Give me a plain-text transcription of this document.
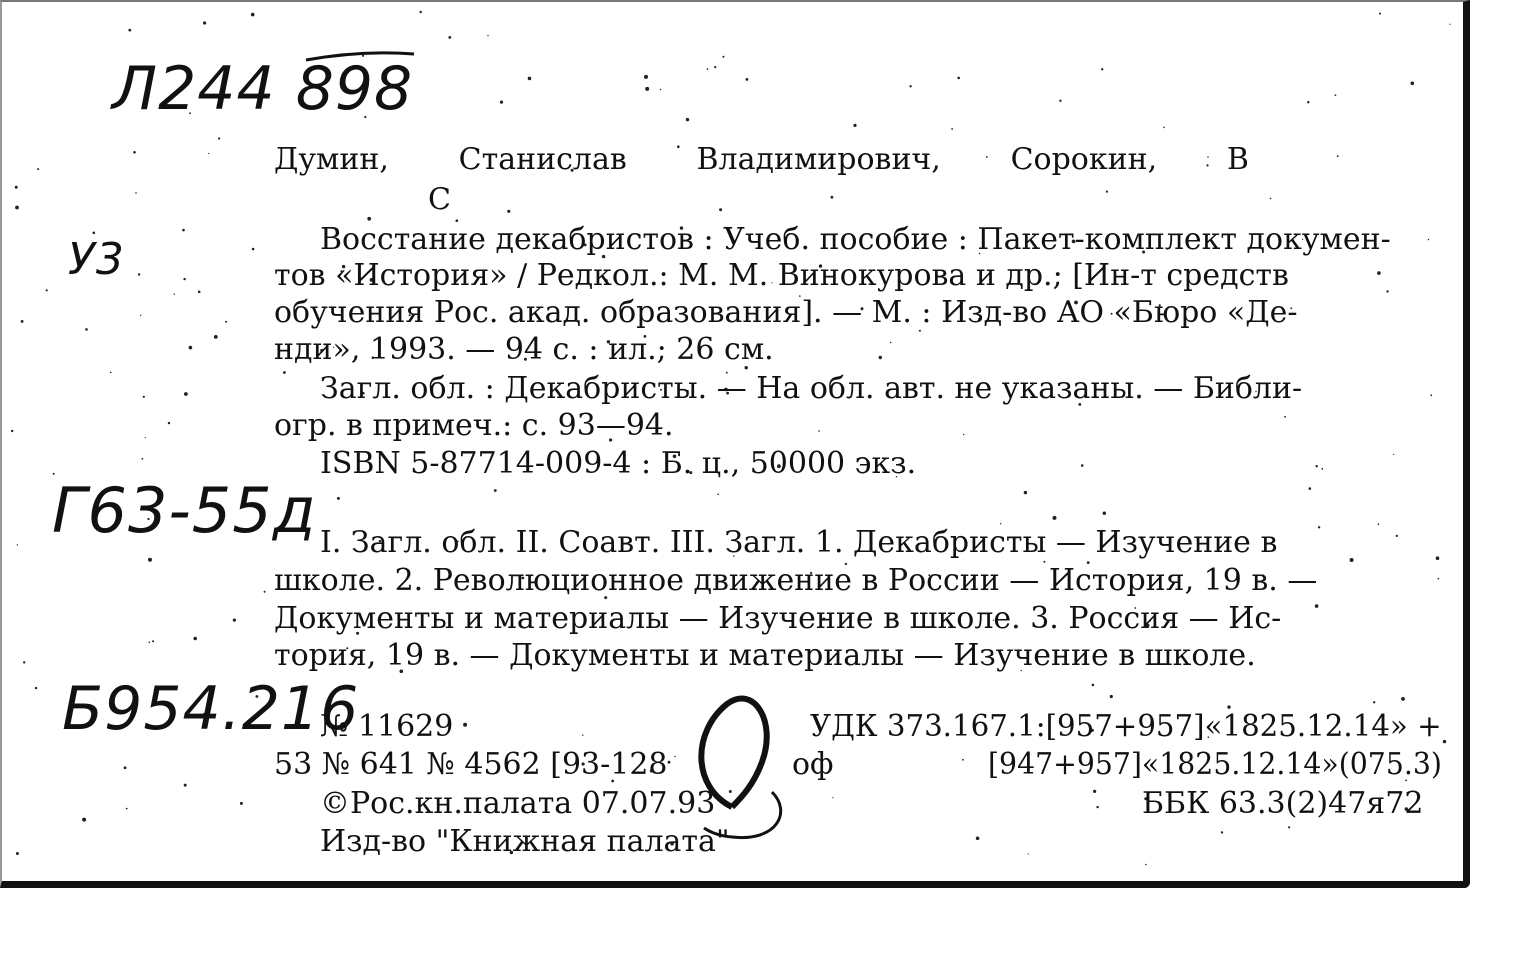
Л244 898
У3
Г63-55д
Б954.216
Думин, Станислав Владимирович, Сорокин, В
С
Восстание декабристов : Учеб. пособие : Пакет-комплект докумен-
тов «История» / Редкол.: М. М. Винокурова и др.; [Ин-т средств
обучения Рос. акад. образования]. — М. : Изд-во АО «Бюро «Де-
нди», 1993. — 94 с. : ил.; 26 см.
Загл. обл. : Декабристы. — На обл. авт. не указаны. — Библи-
огр. в примеч.: с. 93—94.
ISBN 5-87714-009-4 : Б. ц., 50000 экз.
I. Загл. обл. II. Соавт. III. Загл. 1. Декабристы — Изучение в
школе. 2. Революционное движение в России — История, 19 в. —
Документы и материалы — Изучение в школе. 3. Россия — Ис-
тория, 19 в. — Документы и материалы — Изучение в школе.
№ 11629
53 № 641 № 4562 [93-128	оф
©Рос.кн.палата 07.07.93
Изд-во "Книжная палата"
УДК 373.167.1:[957+957]«1825.12.14» +
[947+957]«1825.12.14»(075.3)
ББК 63.3(2)47я72
